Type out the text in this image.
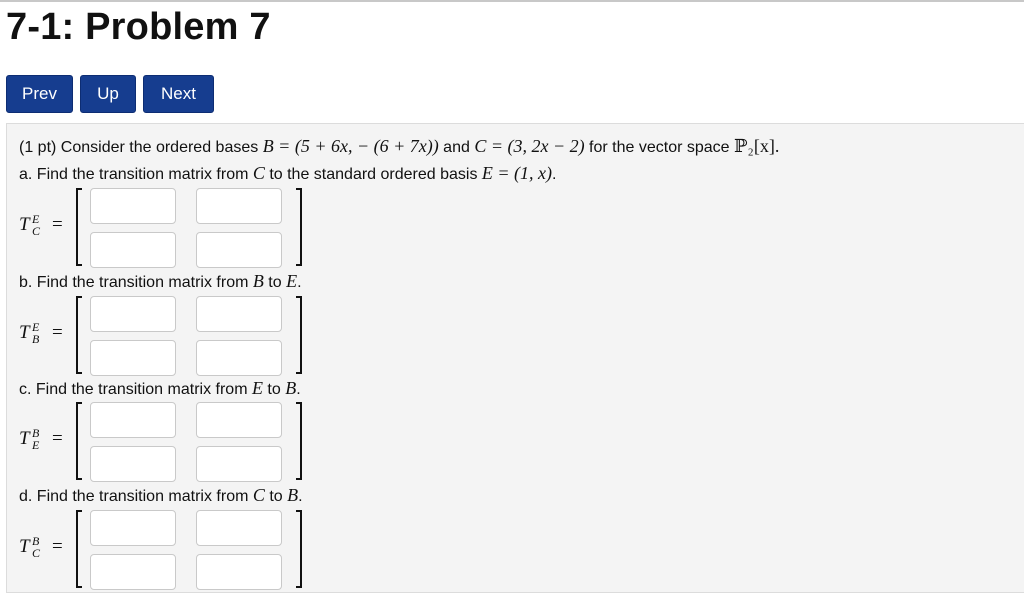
7-1: Problem 7
Prev	Up	Next
(1 pt) Consider the ordered bases B = (5 + 6x, − (6 + 7x)) and C = (3, 2x − 2) for the vector space ℙ₂[x].
a. Find the transition matrix from C to the standard ordered basis E = (1, x).
T E
C =
b. Find the transition matrix from B to E.
T E
B =
c. Find the transition matrix from E to B.
T B
E =
d. Find the transition matrix from C to B.
T B
C =
